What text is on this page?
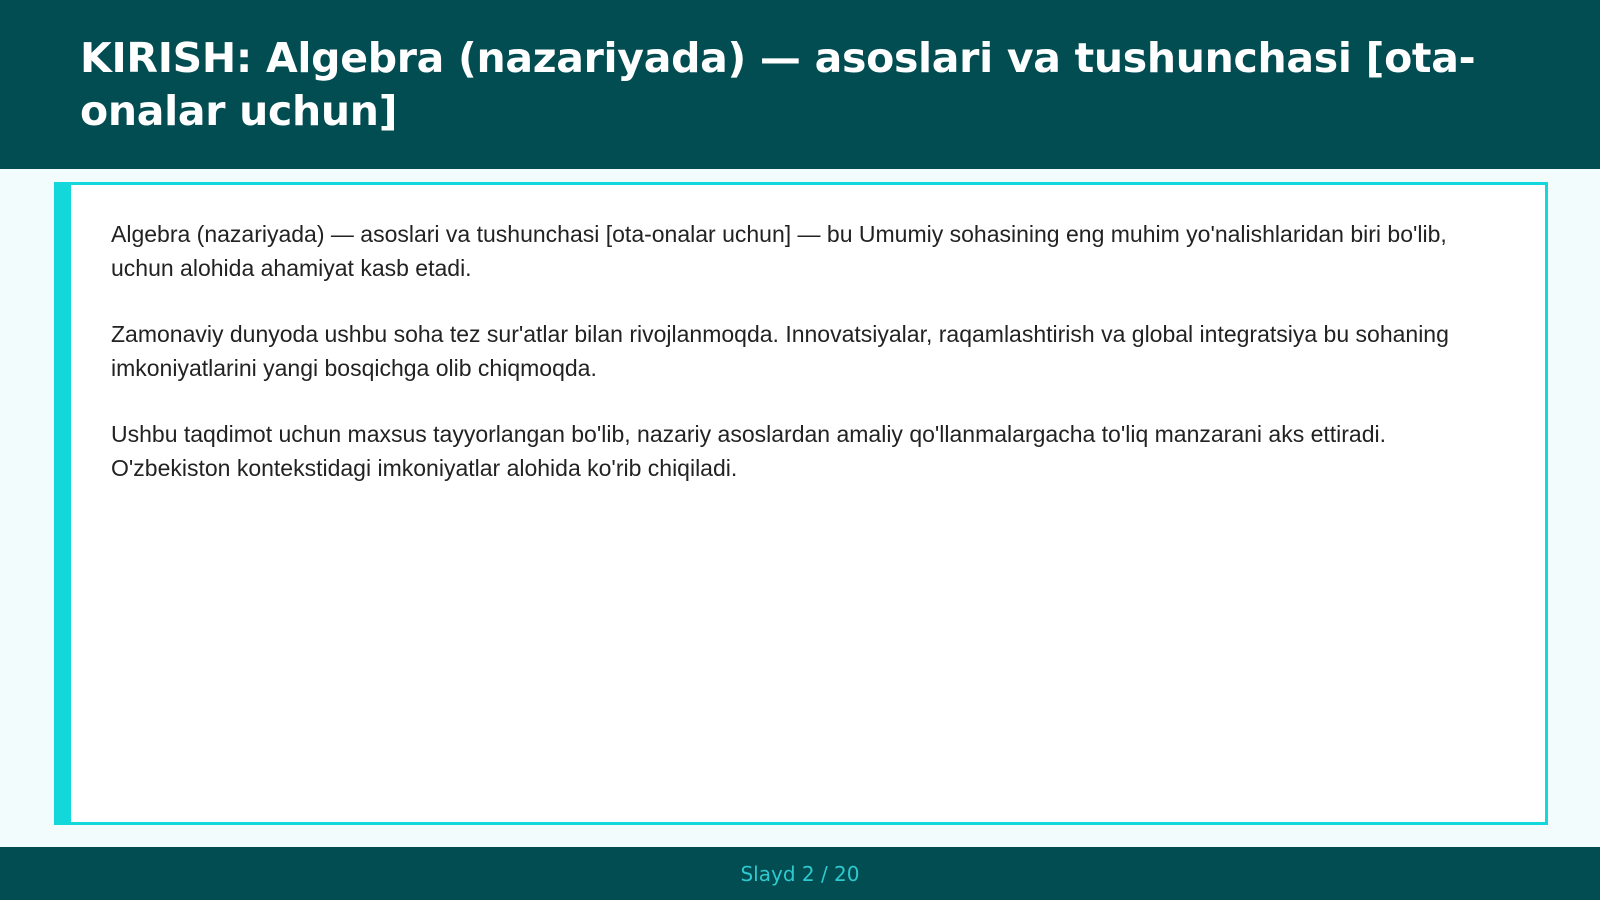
KIRISH: Algebra (nazariyada) — asoslari va tushunchasi [ota-onalar uchun]

Algebra (nazariyada) — asoslari va tushunchasi [ota-onalar uchun] — bu Umumiy sohasining eng muhim yo'nalishlaridan biri bo'lib, uchun alohida ahamiyat kasb etadi.

Zamonaviy dunyoda ushbu soha tez sur'atlar bilan rivojlanmoqda. Innovatsiyalar, raqamlashtirish va global integratsiya bu sohaning imkoniyatlarini yangi bosqichga olib chiqmoqda.

Ushbu taqdimot uchun maxsus tayyorlangan bo'lib, nazariy asoslardan amaliy qo'llanmalargacha to'liq manzarani aks ettiradi. O'zbekiston kontekstidagi imkoniyatlar alohida ko'rib chiqiladi.

Slayd 2 / 20
